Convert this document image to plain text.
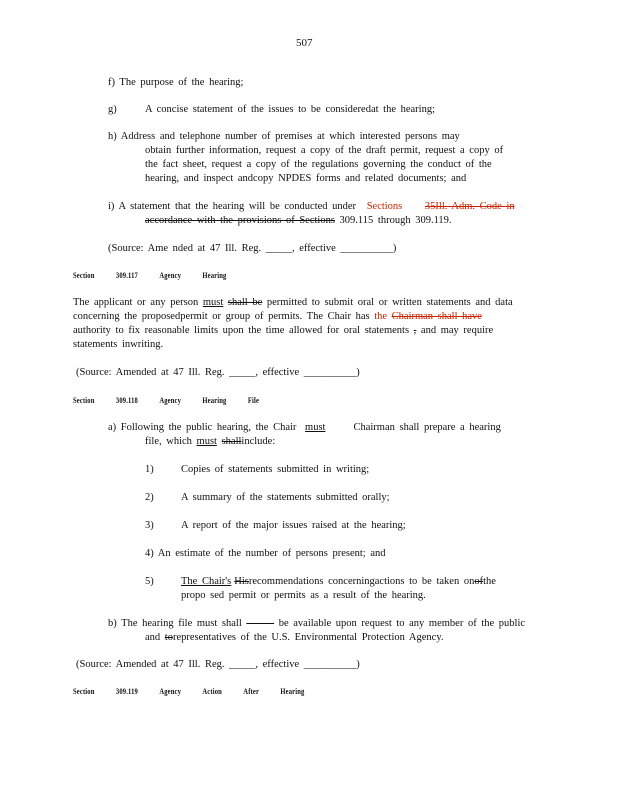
507
f) The purpose of the hearing;
g)	A concise statement of the issues to be consideredat the hearing;
h) Address and telephone number of premises at which interested persons may
obtain further information, request a copy of the draft permit, request a copy of
the fact sheet, request a copy of the regulations governing the conduct of the
hearing, and inspect andcopy NPDES forms and related documents; and
i) A statement that the hearing will be conducted under Sections 35Ill. Adm. Code in
accordance with the provisions of Sections 309.115 through 309.119.
(Source: Ame nded at 47 Ill. Reg. _____, effective __________)
Section	309.117	Agency	Hearing
The applicant or any person must shall be permitted to submit oral or written statements and data
concerning the proposedpermit or group of permits. The Chair has the Chairman shall have
authority to fix reasonable limits upon the time allowed for oral statements , and may require
statements inwriting.
(Source: Amended at 47 Ill. Reg. _____, effective __________)
Section	309.118	Agency	Hearing	File
a) Following the public hearing, the Chair must	Chairman shall prepare a hearing
file, which must shallinclude:
1)	Copies of statements submitted in writing;
2)	A summary of the statements submitted orally;
3)	A report of the major issues raised at the hearing;
4) An estimate of the number of persons present; and
5)	The Chair's Hisrecommendations concerningactions to be taken onofthe
propo sed permit or permits as a result of the hearing.
b) The hearing file must shall	be available upon request to any member of the public
and torepresentatives of the U.S. Environmental Protection Agency.
(Source: Amended at 47 Ill. Reg. _____, effective __________)
Section	309.119	Agency	Action	After	Hearing
